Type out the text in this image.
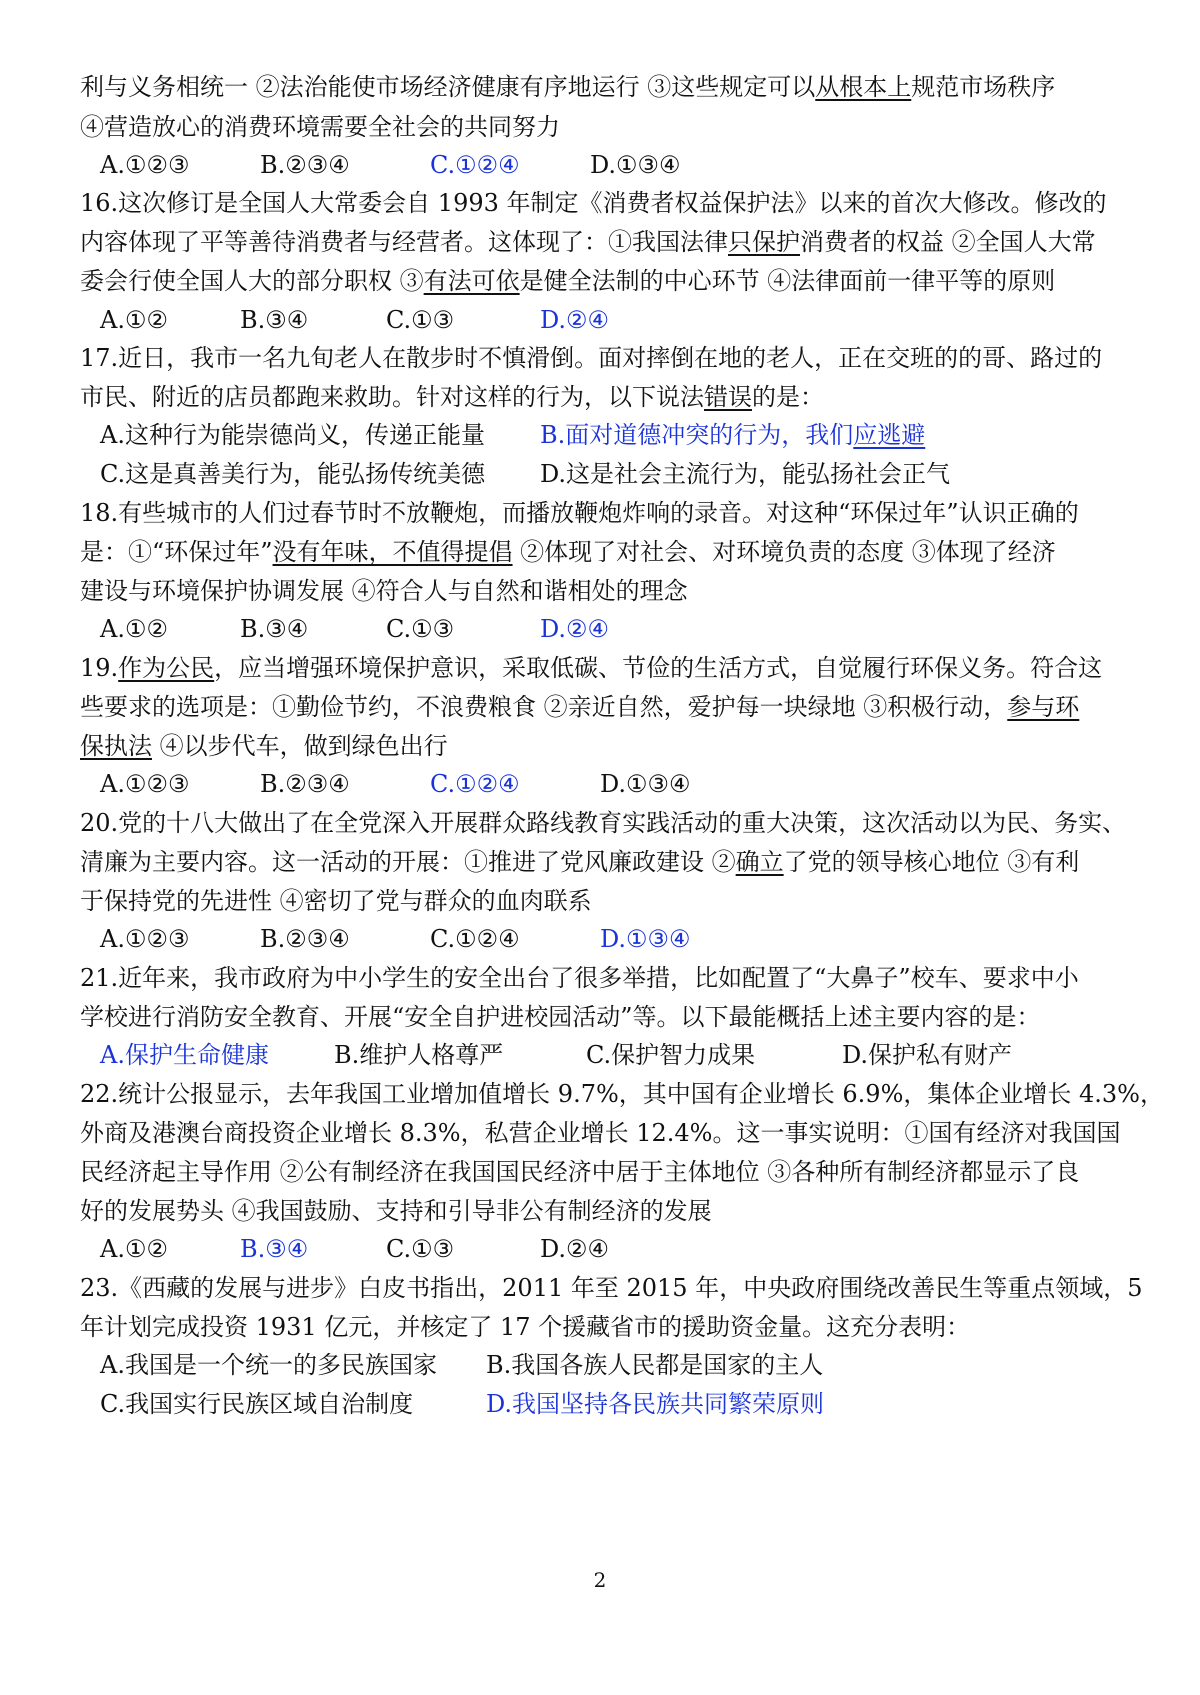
利与义务相统一 ②法治能使市场经济健康有序地运行 ③这些规定可以从根本上规范市场秩序
④营造放心的消费环境需要全社会的共同努力
A.①②③	B.②③④	C.①②④	D.①③④
16.这次修订是全国人大常委会自 1993 年制定《消费者权益保护法》以来的首次大修改。修改的
内容体现了平等善待消费者与经营者。这体现了：①我国法律只保护消费者的权益 ②全国人大常
委会行使全国人大的部分职权 ③有法可依是健全法制的中心环节 ④法律面前一律平等的原则
A.①②	B.③④	C.①③	D.②④
17.近日，我市一名九旬老人在散步时不慎滑倒。面对摔倒在地的老人，正在交班的的哥、路过的
市民、附近的店员都跑来救助。针对这样的行为，以下说法错误的是：
A.这种行为能崇德尚义，传递正能量 B.面对道德冲突的行为，我们应逃避
C.这是真善美行为，能弘扬传统美德 D.这是社会主流行为，能弘扬社会正气
18.有些城市的人们过春节时不放鞭炮，而播放鞭炮炸响的录音。对这种“环保过年”认识正确的
是：①“环保过年”没有年味，不值得提倡 ②体现了对社会、对环境负责的态度 ③体现了经济
建设与环境保护协调发展 ④符合人与自然和谐相处的理念
A.①②	B.③④	C.①③	D.②④
19.作为公民，应当增强环境保护意识，采取低碳、节俭的生活方式，自觉履行环保义务。符合这
些要求的选项是：①勤俭节约，不浪费粮食 ②亲近自然，爱护每一块绿地 ③积极行动，参与环
保执法 ④以步代车，做到绿色出行
A.①②③	B.②③④	C.①②④	D.①③④
20.党的十八大做出了在全党深入开展群众路线教育实践活动的重大决策，这次活动以为民、务实、
清廉为主要内容。这一活动的开展：①推进了党风廉政建设 ②确立了党的领导核心地位 ③有利
于保持党的先进性 ④密切了党与群众的血肉联系
A.①②③	B.②③④	C.①②④	D.①③④
21.近年来，我市政府为中小学生的安全出台了很多举措，比如配置了“大鼻子”校车、要求中小
学校进行消防安全教育、开展“安全自护进校园活动”等。以下最能概括上述主要内容的是：
A.保护生命健康	B.维护人格尊严	C.保护智力成果	D.保护私有财产
22.统计公报显示，去年我国工业增加值增长 9.7%，其中国有企业增长 6.9%，集体企业增长 4.3%，
外商及港澳台商投资企业增长 8.3%，私营企业增长 12.4%。这一事实说明：①国有经济对我国国
民经济起主导作用 ②公有制经济在我国国民经济中居于主体地位 ③各种所有制经济都显示了良
好的发展势头 ④我国鼓励、支持和引导非公有制经济的发展
A.①②	B.③④	C.①③	D.②④
23.《西藏的发展与进步》白皮书指出，2011 年至 2015 年，中央政府围绕改善民生等重点领域，5
年计划完成投资 1931 亿元，并核定了 17 个援藏省市的援助资金量。这充分表明：
A.我国是一个统一的多民族国家 B.我国各族人民都是国家的主人
C.我国实行民族区域自治制度	D.我国坚持各民族共同繁荣原则
2
